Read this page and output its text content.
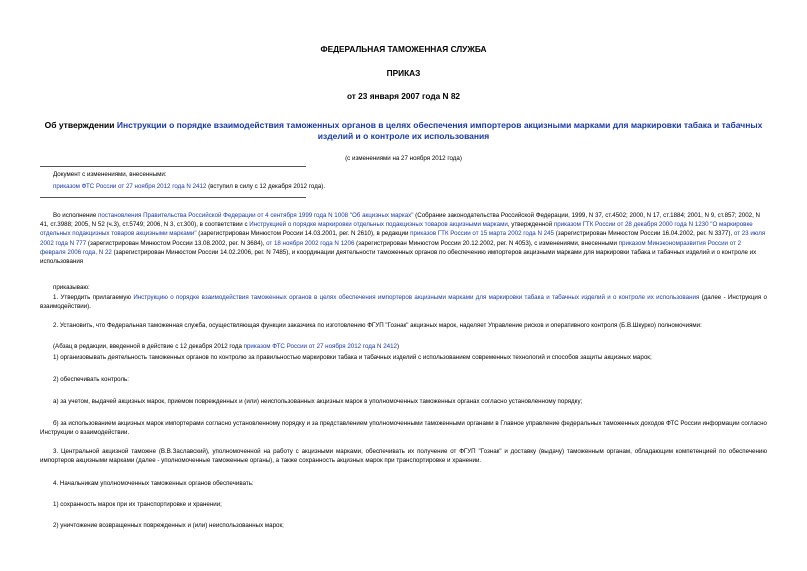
ФЕДЕРАЛЬНАЯ ТАМОЖЕННАЯ СЛУЖБА
ПРИКАЗ
от 23 января 2007 года N 82
Об утверждении Инструкции о порядке взаимодействия таможенных органов в целях обеспечения импортеров акцизными марками для маркировки табака и табачных изделий и о контроле их использования
(с изменениями на 27 ноября 2012 года)
Документ с изменениями, внесенными:
приказом ФТС России от 27 ноября 2012 года N 2412 (вступил в силу с 12 декабря 2012 года).
Во исполнение постановления Правительства Российской Федерации от 4 сентября 1999 года N 1008 "Об акцизных марках" (Собрание законодательства Российской Федерации, 1999, N 37, ст.4502; 2000, N 17, ст.1884; 2001, N 9, ст.857; 2002, N 41, ст.3988; 2005, N 52 (ч.3), ст.5749; 2006, N 3, ст.300), в соответствии с Инструкцией о порядке маркировки отдельных подакцизных товаров акцизными марками, утвержденной приказом ГТК России от 28 декабря 2000 года N 1230 "О маркировке отдельных подакцизных товаров акцизными марками" (зарегистрирован Минюстом России 14.03.2001, рег. N 2610), в редакции приказов ГТК России от 15 марта 2002 года N 245 (зарегистрирован Минюстом России 16.04.2002, рег. N 3377), от 23 июля 2002 года N 777 (зарегистрирован Минюстом России 13.08.2002, рег. N 3684), от 18 ноября 2002 года N 1206 (зарегистрирован Минюстом России 20.12.2002, рег. N 4053), с изменениями, внесенными приказом Минэкономразвития России от 2 февраля 2006 года, N 22 (зарегистрирован Минюстом России 14.02.2006, рег. N 7485), и координации деятельности таможенных органов по обеспечению импортеров акцизными марками для маркировки табака и табачных изделий и о контроле их использования
приказываю:
1. Утвердить прилагаемую Инструкцию о порядке взаимодействия таможенных органов в целях обеспечения импортеров акцизными марками для маркировки табака и табачных изделий и о контроле их использования (далее - Инструкция о взаимодействии).
2. Установить, что Федеральная таможенная служба, осуществляющая функции заказчика по изготовлению ФГУП "Гознак" акцизных марок, наделяет Управление рисков и оперативного контроля (Б.В.Шкурко) полномочиями:
(Абзац в редакции, введенной в действие с 12 декабря 2012 года приказом ФТС России от 27 ноября 2012 года N 2412)
1) организовывать деятельность таможенных органов по контролю за правильностью маркировки табака и табачных изделий с использованием современных технологий и способов защиты акцизных марок;
2) обеспечивать контроль:
а) за учетом, выдачей акцизных марок, приемом поврежденных и (или) неиспользованных акцизных марок в уполномоченных таможенных органах согласно установленному порядку;
б) за использованием акцизных марок импортерами согласно установленному порядку и за представлением уполномоченными таможенными органами в Главное управление федеральных таможенных доходов ФТС России информации согласно Инструкции о взаимодействии.
3. Центральной акцизной таможне (В.В.Заславский), уполномоченной на работу с акцизными марками, обеспечивать их получение от ФГУП "Гознак" и доставку (выдачу) таможенным органам, обладающим компетенцией по обеспечению импортеров акцизными марками (далее - уполномоченные таможенные органы), а также сохранность акцизных марок при транспортировке и хранении.
4. Начальникам уполномоченных таможенных органов обеспечивать:
1) сохранность марок при их транспортировке и хранении;
2) уничтожение возвращенных поврежденных и (или) неиспользованных марок;
